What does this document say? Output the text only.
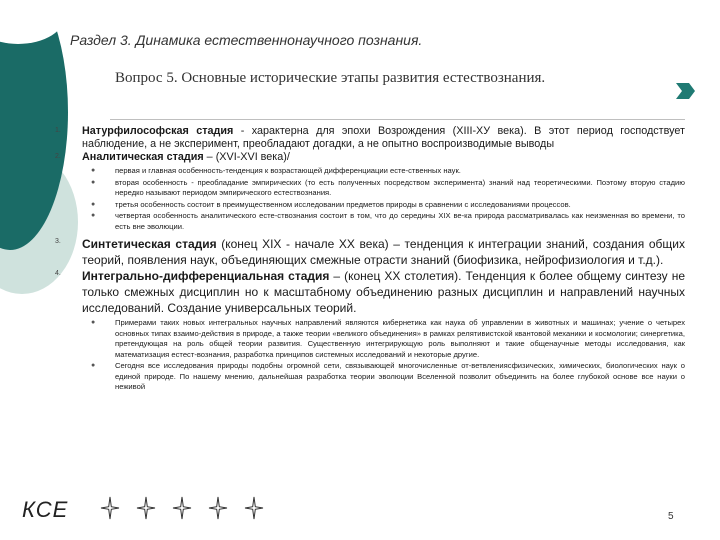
Раздел 3. Динамика естественнонаучного познания.
Вопрос 5. Основные исторические этапы развития естествознания.
1. Натурфилософская стадия - характерна для эпохи Возрождения (XIII-XУ века). В этот период господствует наблюдение, а не эксперимент, преобладают догадки, а не опытно воспроизводимые выводы
2. Аналитическая стадия – (XVI-XVI века)/
●	первая и главная особенность-тенденция к возрастающей дифференциации есте-ственных наук.
●	вторая особенность - преобладание эмпирических (то есть полученных посредством эксперимента) знаний над теоретическими. Поэтому вторую стадию нередко называют периодом эмпирического естествознания.
●	третья особенность состоит в преимущественном исследовании предметов природы в сравнении с исследованиями процессов.
●	четвертая особенность аналитического есте-ствознания состоит в том, что до середины XIX ве-ка природа рассматривалась как неизменная во времени, то есть вне эволюции.
3. Синтетическая стадия (конец XIX - начале XX века) – тенденция к интеграции знаний, создания общих теорий, появления наук, объединяющих смежные отрасти знаний (биофизика, нейрофизиология и т.д.).
4. Интегрально-дифференциальная стадия – (конец XX столетия). Тенденция к более общему синтезу не только смежных дисциплин но к масштабному объединению разных дисциплин и направлений научных исследований. Создание универсальных теорий.
●	Примерами таких новых интегральных научных направлений являются кибернетика как наука об управлении в животных и машинах; учение о четырех основных типах взаимо-действия в природе, а также теории «великого объединения» в рамках релятивистской квантовой механики и космологии; синергетика, претендующая на роль общей теории развития. Существенную интегрирующую роль выполняют и такие общенаучные методы исследования, как математизация естест-вознания, разработка принципов системных исследований и некоторые другие.
●	Сегодня все исследования природы подобны огромной сети, связывающей многочисленные от-ветвлениясфизических, химических, биологических наук о единой природе. По нашему мнению, дальнейшая разработка теории эволюции Вселенной позволит объединить на более глубокой основе все науки о неживой
КСЕ	5
